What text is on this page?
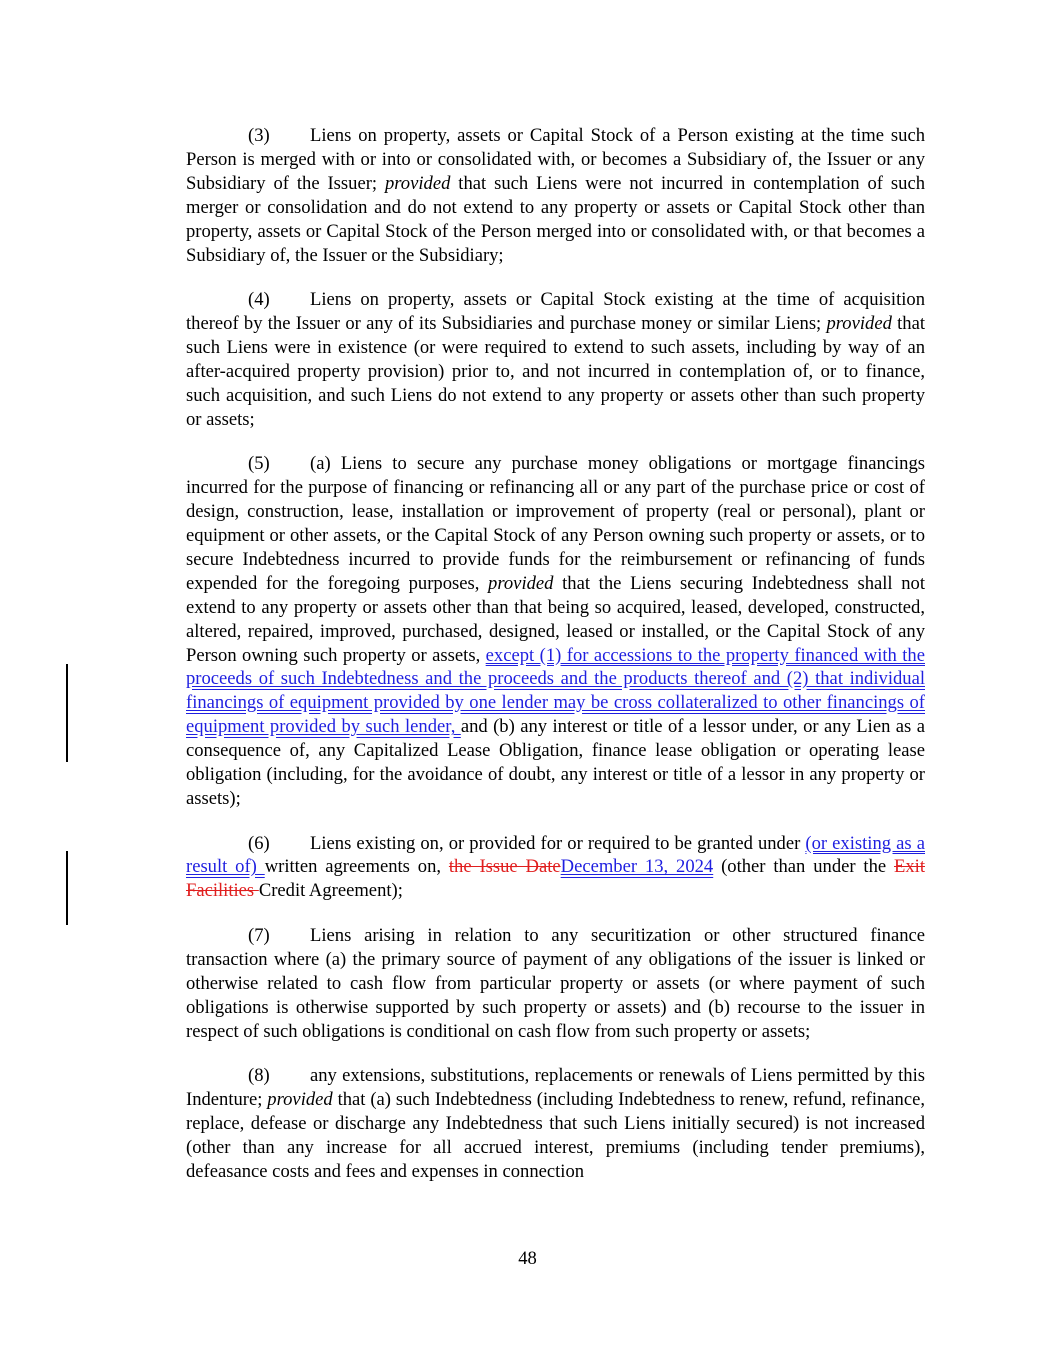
(3) Liens on property, assets or Capital Stock of a Person existing at the time such Person is merged with or into or consolidated with, or becomes a Subsidiary of, the Issuer or any Subsidiary of the Issuer; provided that such Liens were not incurred in contemplation of such merger or consolidation and do not extend to any property or assets or Capital Stock other than property, assets or Capital Stock of the Person merged into or consolidated with, or that becomes a Subsidiary of, the Issuer or the Subsidiary;

(4) Liens on property, assets or Capital Stock existing at the time of acquisition thereof by the Issuer or any of its Subsidiaries and purchase money or similar Liens; provided that such Liens were in existence (or were required to extend to such assets, including by way of an after-acquired property provision) prior to, and not incurred in contemplation of, or to finance, such acquisition, and such Liens do not extend to any property or assets other than such property or assets;

(5) (a) Liens to secure any purchase money obligations or mortgage financings incurred for the purpose of financing or refinancing all or any part of the purchase price or cost of design, construction, lease, installation or improvement of property (real or personal), plant or equipment or other assets, or the Capital Stock of any Person owning such property or assets, or to secure Indebtedness incurred to provide funds for the reimbursement or refinancing of funds expended for the foregoing purposes, provided that the Liens securing Indebtedness shall not extend to any property or assets other than that being so acquired, leased, developed, constructed, altered, repaired, improved, purchased, designed, leased or installed, or the Capital Stock of any Person owning such property or assets, except (1) for accessions to the property financed with the proceeds of such Indebtedness and the proceeds and the products thereof and (2) that individual financings of equipment provided by one lender may be cross collateralized to other financings of equipment provided by such lender, and (b) any interest or title of a lessor under, or any Lien as a consequence of, any Capitalized Lease Obligation, finance lease obligation or operating lease obligation (including, for the avoidance of doubt, any interest or title of a lessor in any property or assets);

(6) Liens existing on, or provided for or required to be granted under (or existing as a result of) written agreements on, the Issue DateDecember 13, 2024 (other than under the Exit Facilities Credit Agreement);

(7) Liens arising in relation to any securitization or other structured finance transaction where (a) the primary source of payment of any obligations of the issuer is linked or otherwise related to cash flow from particular property or assets (or where payment of such obligations is otherwise supported by such property or assets) and (b) recourse to the issuer in respect of such obligations is conditional on cash flow from such property or assets;

(8) any extensions, substitutions, replacements or renewals of Liens permitted by this Indenture; provided that (a) such Indebtedness (including Indebtedness to renew, refund, refinance, replace, defease or discharge any Indebtedness that such Liens initially secured) is not increased (other than any increase for all accrued interest, premiums (including tender premiums), defeasance costs and fees and expenses in connection

48
